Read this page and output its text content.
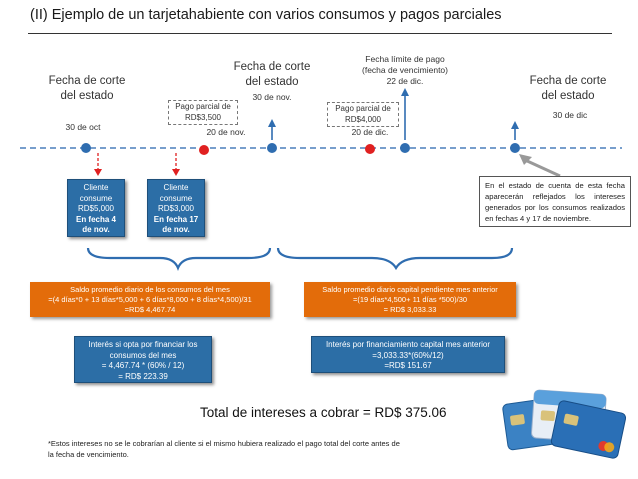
(II) Ejemplo de un tarjetahabiente con varios consumos y pagos parciales
Fecha de corte
del estado
30 de oct
Pago parcial de
RD$3,500
20 de nov.
Fecha de corte
del estado
30 de nov.
Fecha límite de pago
(fecha de vencimiento)
22 de dic.
Pago parcial de
RD$4,000
20 de dic.
Fecha de corte
del estado
30 de dic
Cliente
consume
RD$5,000
En fecha 4
de nov.
Cliente
consume
RD$3,000
En fecha 17
de nov.
En el estado de cuenta de esta fecha aparecerán reflejados los intereses generados por los consumos realizados en fechas 4 y 17 de noviembre.
Saldo promedio diario de los consumos del mes
=(4 días*0 + 13 días*5,000 + 6 días*8,000 + 8 días*4,500)/31
=RD$ 4,467.74
Saldo promedio diario capital pendiente mes anterior
=(19 días*4,500+ 11 días *500)/30
= RD$ 3,033.33
Interés si opta por financiar los
consumos del mes
= 4,467.74 * (60% / 12)
= RD$ 223.39
Interés por financiamiento capital mes anterior
=3,033.33*(60%/12)
=RD$ 151.67
Total de intereses a cobrar = RD$ 375.06
*Estos intereses no se le cobrarían al cliente si el mismo hubiera realizado el pago total del corte antes de
la fecha de vencimiento.
